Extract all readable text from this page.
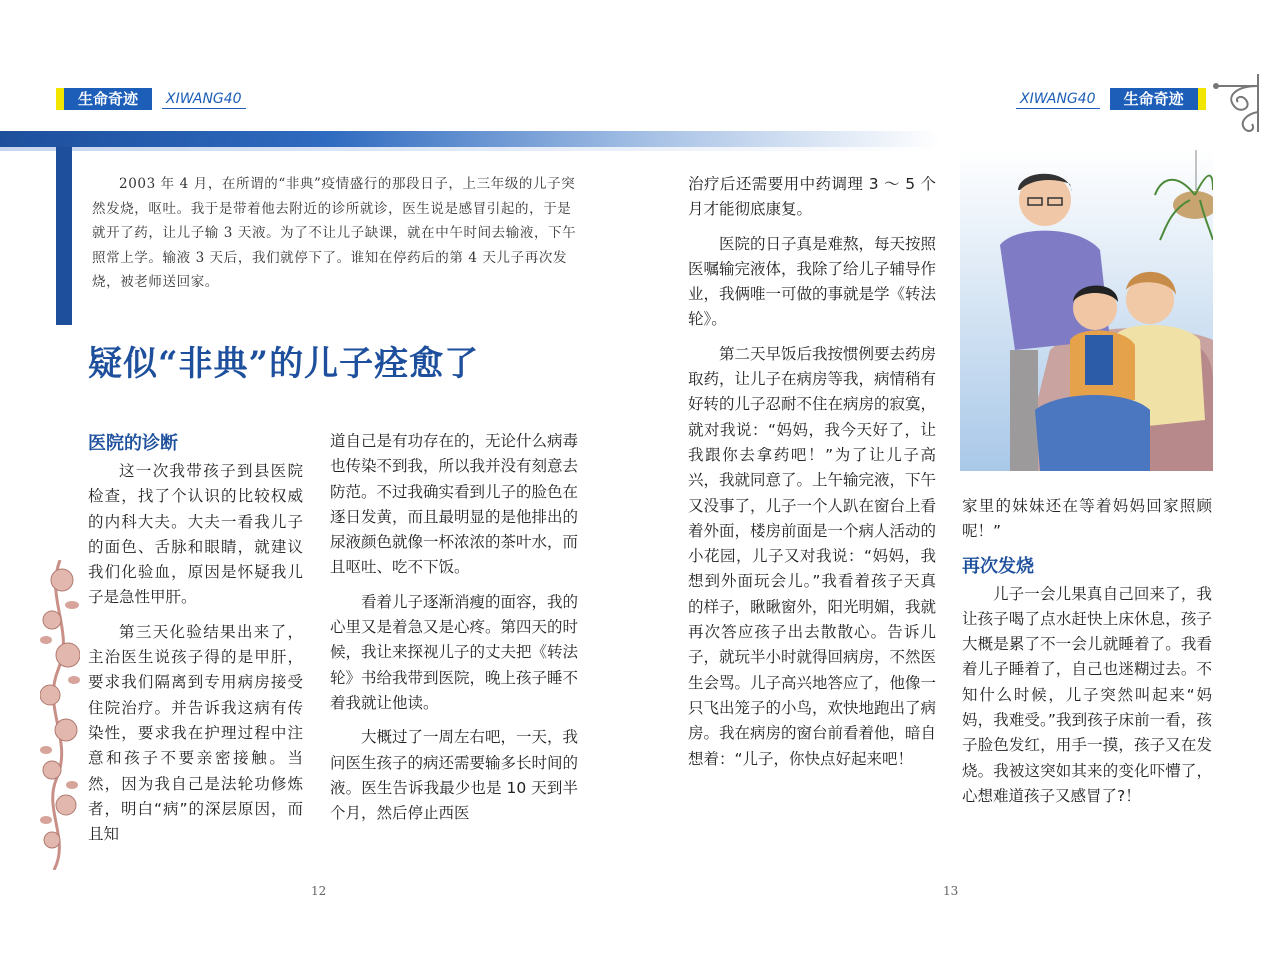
生命奇迹	XIWANG40	XIWANG40	生命奇迹

2003 年 4 月，在所谓的“非典”疫情盛行的那段日子，上三年级的儿子突然发烧，呕吐。我于是带着他去附近的诊所就诊，医生说是感冒引起的，于是就开了药，让儿子输 3 天液。为了不让儿子缺课，就在中午时间去输液，下午照常上学。输液 3 天后，我们就停下了。谁知在停药后的第 4 天儿子再次发烧，被老师送回家。

疑似“非典”的儿子痊愈了
医院的诊断

这一次我带孩子到县医院检查，找了个认识的比较权威的内科大夫。大夫一看我儿子的面色、舌脉和眼睛，就建议我们化验血，原因是怀疑我儿子是急性甲肝。

第三天化验结果出来了，主治医生说孩子得的是甲肝，要求我们隔离到专用病房接受住院治疗。并告诉我这病有传染性，要求我在护理过程中注意和孩子不要亲密接触。当然，因为我自己是法轮功修炼者，明白“病”的深层原因，而且知

道自己是有功存在的，无论什么病毒也传染不到我，所以我并没有刻意去防范。不过我确实看到儿子的脸色在逐日发黄，而且最明显的是他排出的尿液颜色就像一杯浓浓的茶叶水，而且呕吐、吃不下饭。

看着儿子逐渐消瘦的面容，我的心里又是着急又是心疼。第四天的时候，我让来探视儿子的丈夫把《转法轮》书给我带到医院，晚上孩子睡不着我就让他读。

大概过了一周左右吧，一天，我问医生孩子的病还需要输多长时间的液。医生告诉我最少也是 10 天到半个月，然后停止西医

治疗后还需要用中药调理 3 ～ 5 个月才能彻底康复。

医院的日子真是难熬，每天按照医嘱输完液体，我除了给儿子辅导作业，我俩唯一可做的事就是学《转法轮》。

第二天早饭后我按惯例要去药房取药，让儿子在病房等我，病情稍有好转的儿子忍耐不住在病房的寂寞，就对我说：“妈妈，我今天好了，让我跟你去拿药吧！”为了让儿子高兴，我就同意了。上午输完液，下午又没事了，儿子一个人趴在窗台上看着外面，楼房前面是一个病人活动的小花园，儿子又对我说：“妈妈，我想到外面玩会儿。”我看着孩子天真的样子，瞅瞅窗外，阳光明媚，我就再次答应孩子出去散散心。告诉儿子，就玩半小时就得回病房，不然医生会骂。儿子高兴地答应了，他像一只飞出笼子的小鸟，欢快地跑出了病房。我在病房的窗台前看着他，暗自想着：“儿子，你快点好起来吧！

家里的妹妹还在等着妈妈回家照顾呢！”

再次发烧

儿子一会儿果真自己回来了，我让孩子喝了点水赶快上床休息，孩子大概是累了不一会儿就睡着了。我看着儿子睡着了，自己也迷糊过去。不知什么时候，儿子突然叫起来“妈妈，我难受。”我到孩子床前一看，孩子脸色发红，用手一摸，孩子又在发烧。我被这突如其来的变化吓懵了，心想难道孩子又感冒了?！

12	13
